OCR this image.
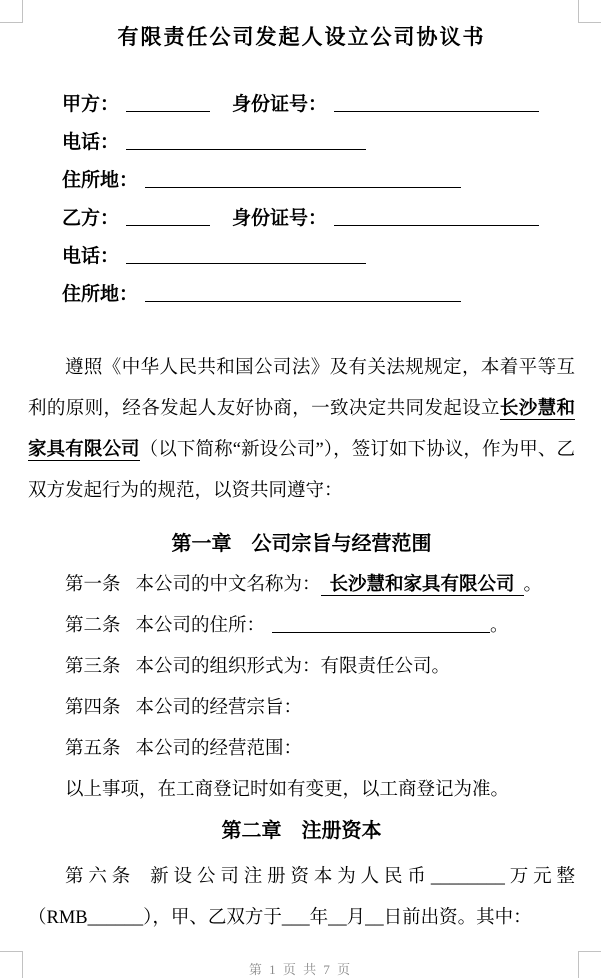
有限责任公司发起人设立公司协议书
甲方：	身份证号：
电话：
住所地：
乙方：	身份证号：
电话：
住所地：

遵照《中华人民共和国公司法》及有关法规规定，本着平等互利的原则，经各发起人友好协商，一致决定共同发起设立长沙慧和家具有限公司（以下简称“新设公司”），签订如下协议，作为甲、乙双方发起行为的规范，以资共同遵守：

第一章　公司宗旨与经营范围

第一条 本公司的中文名称为： 长沙慧和家具有限公司 。

第二条 本公司的住所：	。

第三条 本公司的组织形式为：有限责任公司。

第四条 本公司的经营宗旨：

第五条 本公司的经营范围：

以上事项，在工商登记时如有变更，以工商登记为准。

第二章　注册资本

第六条 新设公司注册资本为人民币________万元整（RMB______），甲、乙双方于___年__月__日前出资。其中：

第 1 页 共 7 页
